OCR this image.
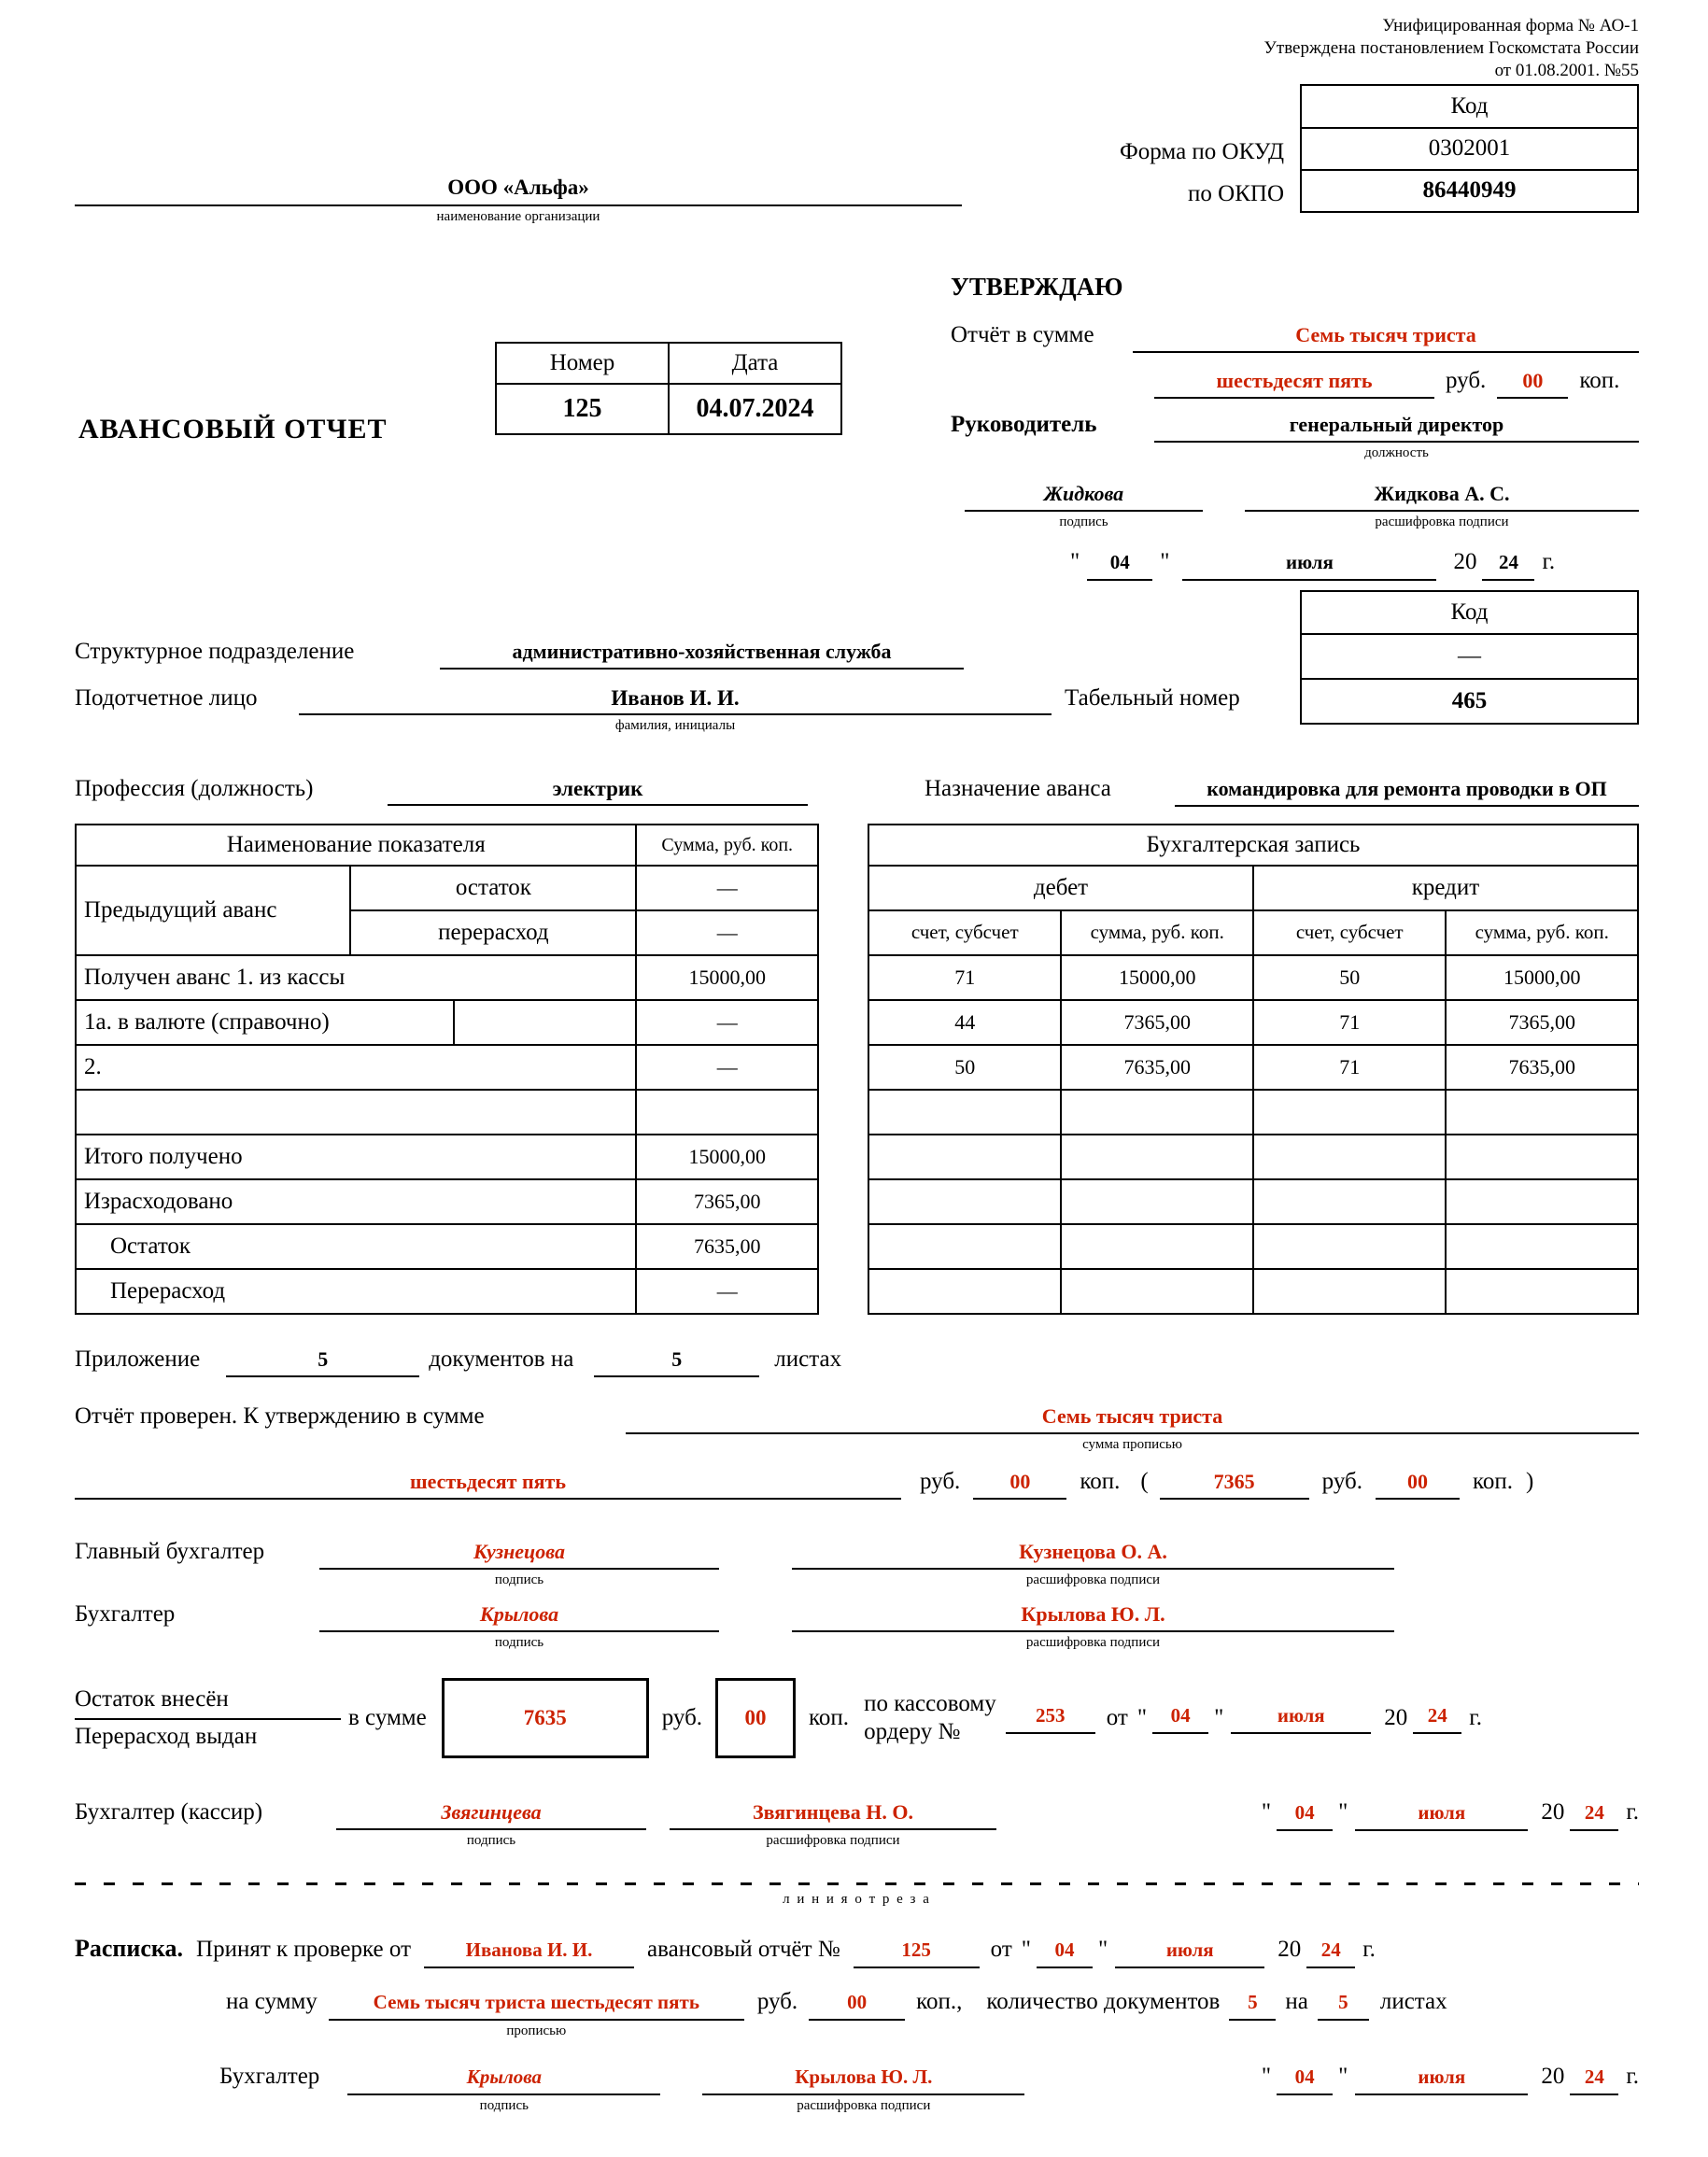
Унифицированная форма № АО-1
Утверждена постановлением Госкомстата России
от 01.08.2001. №55
ООО «Альфа»
наименование организации
Форма по ОКУД
по ОКПО
Код
0302001
86440949
АВАНСОВЫЙ ОТЧЕТ
Номер	Дата
125	04.07.2024
УТВЕРЖДАЮ
Отчёт в сумме	Семь тысяч триста
шестьдесят пять	руб.	00	коп.
Руководитель	генеральный директор
должность
Жидкова
подпись
Жидкова А. С.
расшифровка подписи
"	04	"	июля	20	24	г.
Код
—
465
Структурное подразделение	административно-хозяйственная служба
Подотчетное лицо	Иванов И. И.
фамилия, инициалы
Табельный номер
Профессия (должность)	электрик	Назначение аванса	командировка для ремонта проводки в ОП
Наименование показателя			Сумма, руб. коп.
Предыдущий аванс	остаток		—
	перерасход		—
Получен аванс 1. из кассы			15000,00
1а. в валюте (справочно)			—
2.			—

Итого получено			15000,00
Израсходовано			7365,00
Остаток			7635,00
Перерасход			—
Бухгалтерская запись			
дебет		кредит	
счет, субсчет	сумма, руб. коп.	счет, субсчет	сумма, руб. коп.
71	15000,00	50	15000,00
44	7365,00	71	7365,00
50	7635,00	71	7635,00

Приложение	5	документов на	5	листах
Отчёт проверен. К утверждению в сумме	Семь тысяч триста
сумма прописью
шестьдесят пять	руб.	00	коп. (	7365	руб.	00	коп. )
Главный бухгалтер	Кузнецова
подпись
Кузнецова О. А.
расшифровка подписи
Бухгалтер	Крылова
подпись
Крылова Ю. Л.
расшифровка подписи
$\frac{\text{Остаток внесён}}{\text{Перерасход выдан}}$ в сумме	7635	руб.	00	коп.
по кассовому
ордеру №
253	от "	04	"	июля	20	24 г.
Бухгалтер (кассир)	Звягинцева
подпись
Звягинцева Н. О.
расшифровка подписи
"	04	"	июля	20	24 г.
л и н и я о т р е з а
Расписка. Принят к проверке от	Иванова И. И.	авансовый отчёт №	125	от "	04	"	июля	20	24 г.
на сумму	Семь тысяч триста шестьдесят пять
прописью
руб.	00	коп., количество документов	5	на	5	листах
Бухгалтер	Крылова
подпись
Крылова Ю. Л.
расшифровка подписи
"	04	"	июля	20	24 г.
